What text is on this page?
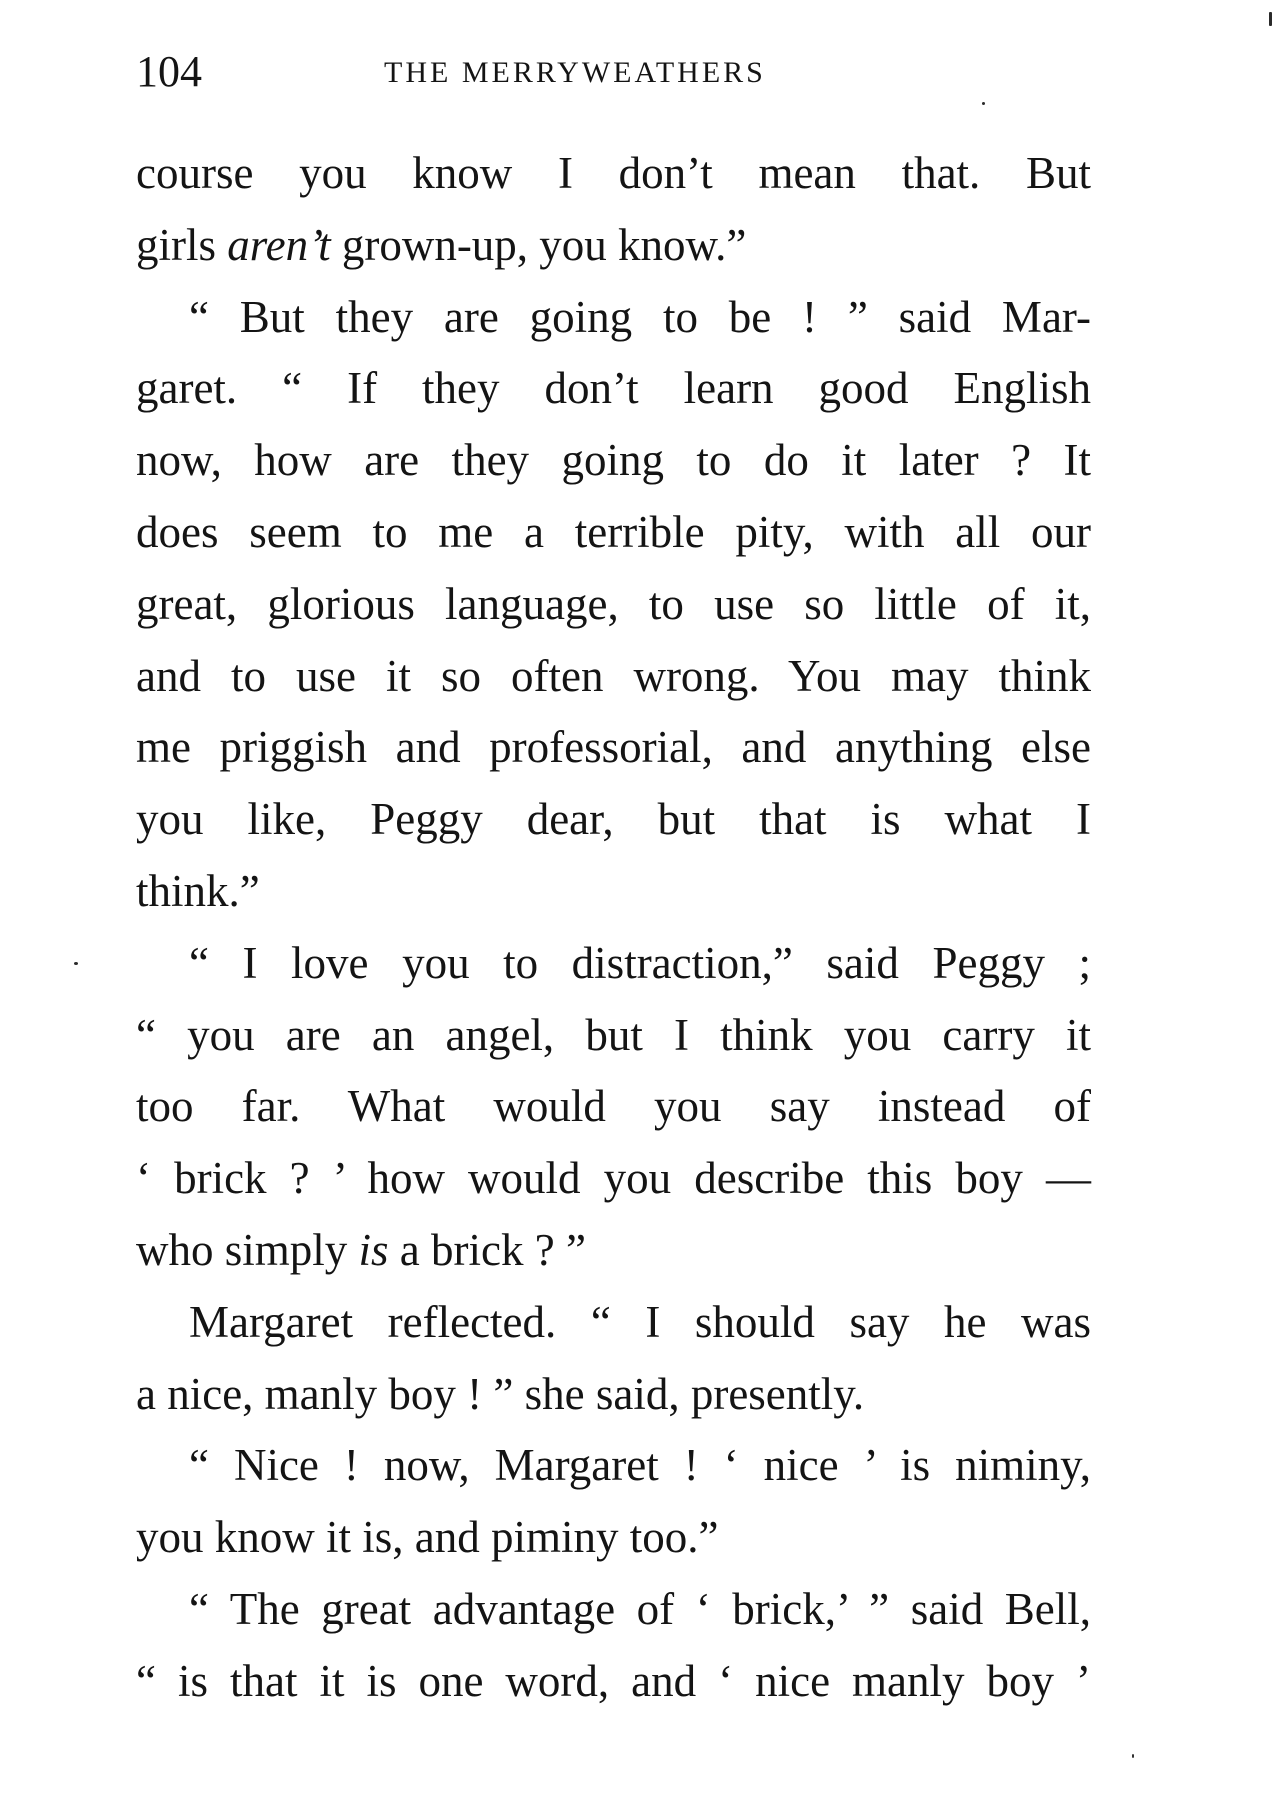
104	THE MERRYWEATHERS
course you know I don’t mean that. But
girls aren’t grown-up, you know.”
“ But they are going to be ! ” said Mar-
garet. “ If they don’t learn good English
now, how are they going to do it later ? It
does seem to me a terrible pity, with all our
great, glorious language, to use so little of it,
and to use it so often wrong. You may think
me priggish and professorial, and anything else
you like, Peggy dear, but that is what I
think.”
“ I love you to distraction,” said Peggy ;
“ you are an angel, but I think you carry it
too far. What would you say instead of
‘ brick ? ’ how would you describe this boy —
who simply is a brick ? ”
Margaret reflected. “ I should say he was
a nice, manly boy ! ” she said, presently.
“ Nice ! now, Margaret ! ‘ nice ’ is niminy,
you know it is, and piminy too.”
“ The great advantage of ‘ brick,’ ” said Bell,
“ is that it is one word, and ‘ nice manly boy ’
